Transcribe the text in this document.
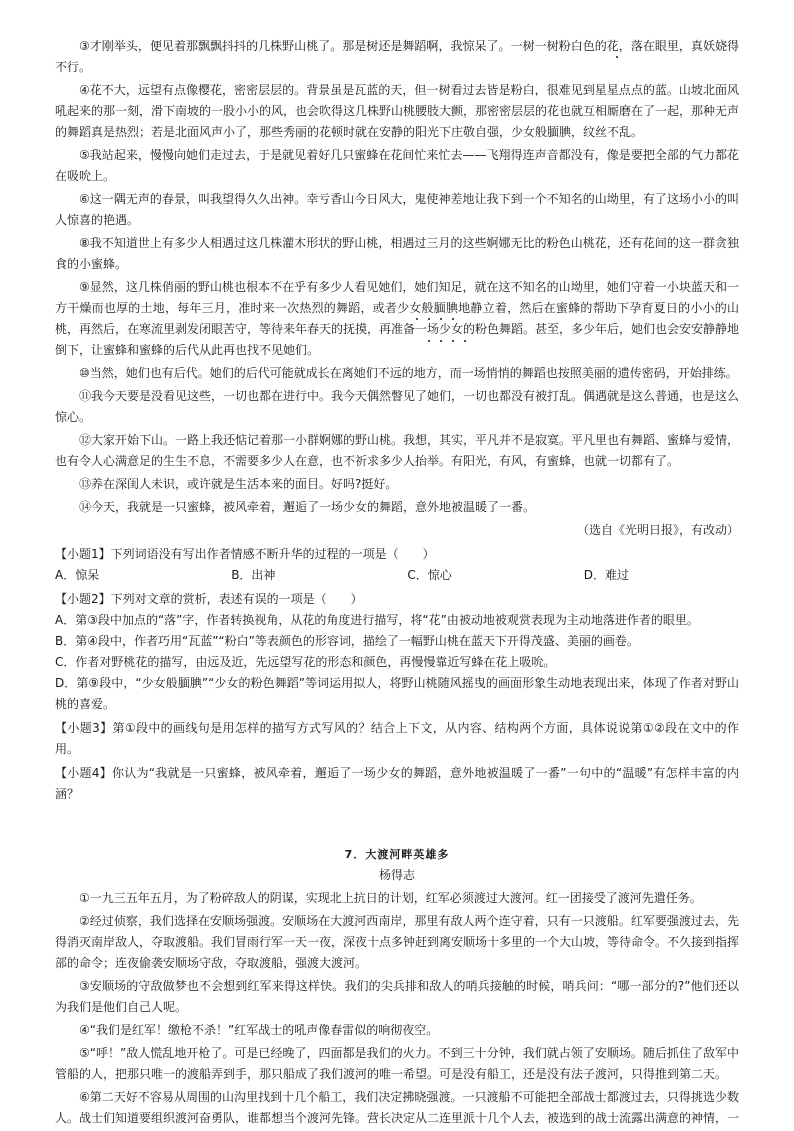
③才刚举头，便见着那飘飘抖抖的几株野山桃了。那是树还是舞蹈啊，我惊呆了。一树一树粉白色的花，落在眼里，真妖娆得不行。

④花不大，远望有点像樱花，密密层层的。背景虽是瓦蓝的天，但一树看过去皆是粉白，很难见到星星点点的蓝。山坡北面风吼起来的那一刻，滑下南坡的一股小小的风，也会吹得这几株野山桃腰肢大颤，那密密层层的花也就互相厮磨在了一起，那种无声的舞蹈真是热烈；若是北面风声小了，那些秀丽的花顿时就在安静的阳光下庄敬自强，少女般腼腆，纹丝不乱。

⑤我站起来，慢慢向她们走过去，于是就见着好几只蜜蜂在花间忙来忙去——飞翔得连声音都没有，像是要把全部的气力都花在吸吮上。

⑥这一隅无声的春景，叫我望得久久出神。幸亏香山今日风大，鬼使神差地让我下到一个不知名的山坳里，有了这场小小的叫人惊喜的艳遇。

⑧我不知道世上有多少人相遇过这几株灌木形状的野山桃，相遇过三月的这些婀娜无比的粉色山桃花，还有花间的这一群贪独食的小蜜蜂。

⑨显然，这几株俏丽的野山桃也根本不在乎有多少人看见她们，她们知足，就在这不知名的山坳里，她们守着一小块蓝天和一方干燥而也厚的土地，每年三月，准时来一次热烈的舞蹈，或者少女般腼腆地静立着，然后在蜜蜂的帮助下孕育夏日的小小的山桃，再然后，在寒流里剥发闭眼苦守，等待来年春天的抚摸，再准备一场少女的粉色舞蹈。甚至，多少年后，她们也会安安静静地倒下，让蜜蜂和蜜蜂的后代从此再也找不见她们。

⑩当然，她们也有后代。她们的后代可能就成长在离她们不远的地方，而一场悄悄的舞蹈也按照美丽的遗传密码，开始排练。

⑪我今天要是没看见这些，一切也都在进行中。我今天偶然瞥见了她们，一切也都没有被打乱。偶遇就是这么普通，也是这么惊心。

⑫大家开始下山。一路上我还惦记着那一小群婀娜的野山桃。我想，其实，平凡并不是寂寞。平凡里也有舞蹈、蜜蜂与爱情，也有令人心满意足的生生不息，不需要多少人在意，也不祈求多少人抬举。有阳光，有风，有蜜蜂，也就一切都有了。

⑬养在深闺人未识，或许就是生活本来的面目。好吗?挺好。

⑭今天，我就是一只蜜蜂，被风牵着，邂逅了一场少女的舞蹈，意外地被温暖了一番。

（选自《光明日报》，有改动）

【小题1】下列词语没有写出作者情感不断升华的过程的一项是（　　）

A．惊呆	B．出神	C．惊心	D．难过

【小题2】下列对文章的赏析，表述有误的一项是（　　）

A．第③段中加点的“落”字，作者转换视角，从花的角度进行描写，将“花”由被动地被观赏表现为主动地落进作者的眼里。

B．第④段中，作者巧用“瓦蓝”“粉白”等表颜色的形容词，描绘了一幅野山桃在蓝天下开得茂盛、美丽的画卷。

C．作者对野桃花的描写，由远及近，先远望写花的形态和颜色，再慢慢靠近写蜂在花上吸吮。

D．第⑨段中，“少女般腼腆”“少女的粉色舞蹈”等词运用拟人，将野山桃随风摇曳的画面形象生动地表现出来，体现了作者对野山桃的喜爱。

【小题3】第①段中的画线句是用怎样的描写方式写风的？结合上下文，从内容、结构两个方面，具体说说第①②段在文中的作用。

【小题4】你认为“我就是一只蜜蜂，被风牵着，邂逅了一场少女的舞蹈，意外地被温暖了一番”一句中的“温暖”有怎样丰富的内涵？

7．大渡河畔英雄多

杨得志

①一九三五年五月，为了粉碎敌人的阴谋，实现北上抗日的计划，红军必须渡过大渡河。红一团接受了渡河先遣任务。

②经过侦察，我们选择在安顺场强渡。安顺场在大渡河西南岸，那里有敌人两个连守着，只有一只渡船。红军要强渡过去，先得消灭南岸敌人，夺取渡船。我们冒雨行军一天一夜，深夜十点多钟赶到离安顺场十多里的一个大山坡，等待命令。不久接到指挥部的命令；连夜偷袭安顺场守敌，夺取渡船，强渡大渡河。

③安顺场的守敌做梦也不会想到红军来得这样快。我们的尖兵排和敌人的哨兵接触的时候，哨兵问：“哪一部分的?”他们还以为我们是他们自己人呢。

④“我们是红军！缴枪不杀！”红军战士的吼声像春雷似的响彻夜空。

⑤“呼！”敌人慌乱地开枪了。可是已经晚了，四面都是我们的火力。不到三十分钟，我们就占领了安顺场。随后抓住了敌军中管船的人，把那只唯一的渡船弄到手，那只船成了我们渡河的唯一希望。可是没有船工，还是没有法子渡河，只得推到第二天。

⑥第二天好不容易从周围的山沟里找到十几个船工，我们决定拂晓强渡。一只渡船不可能把全部战士都渡过去，只得挑选少数人。战士们知道要组织渡河奋勇队，谁都想当个渡河先锋。营长决定从二连里派十几个人去，被选到的战士流露出满意的神情，一
